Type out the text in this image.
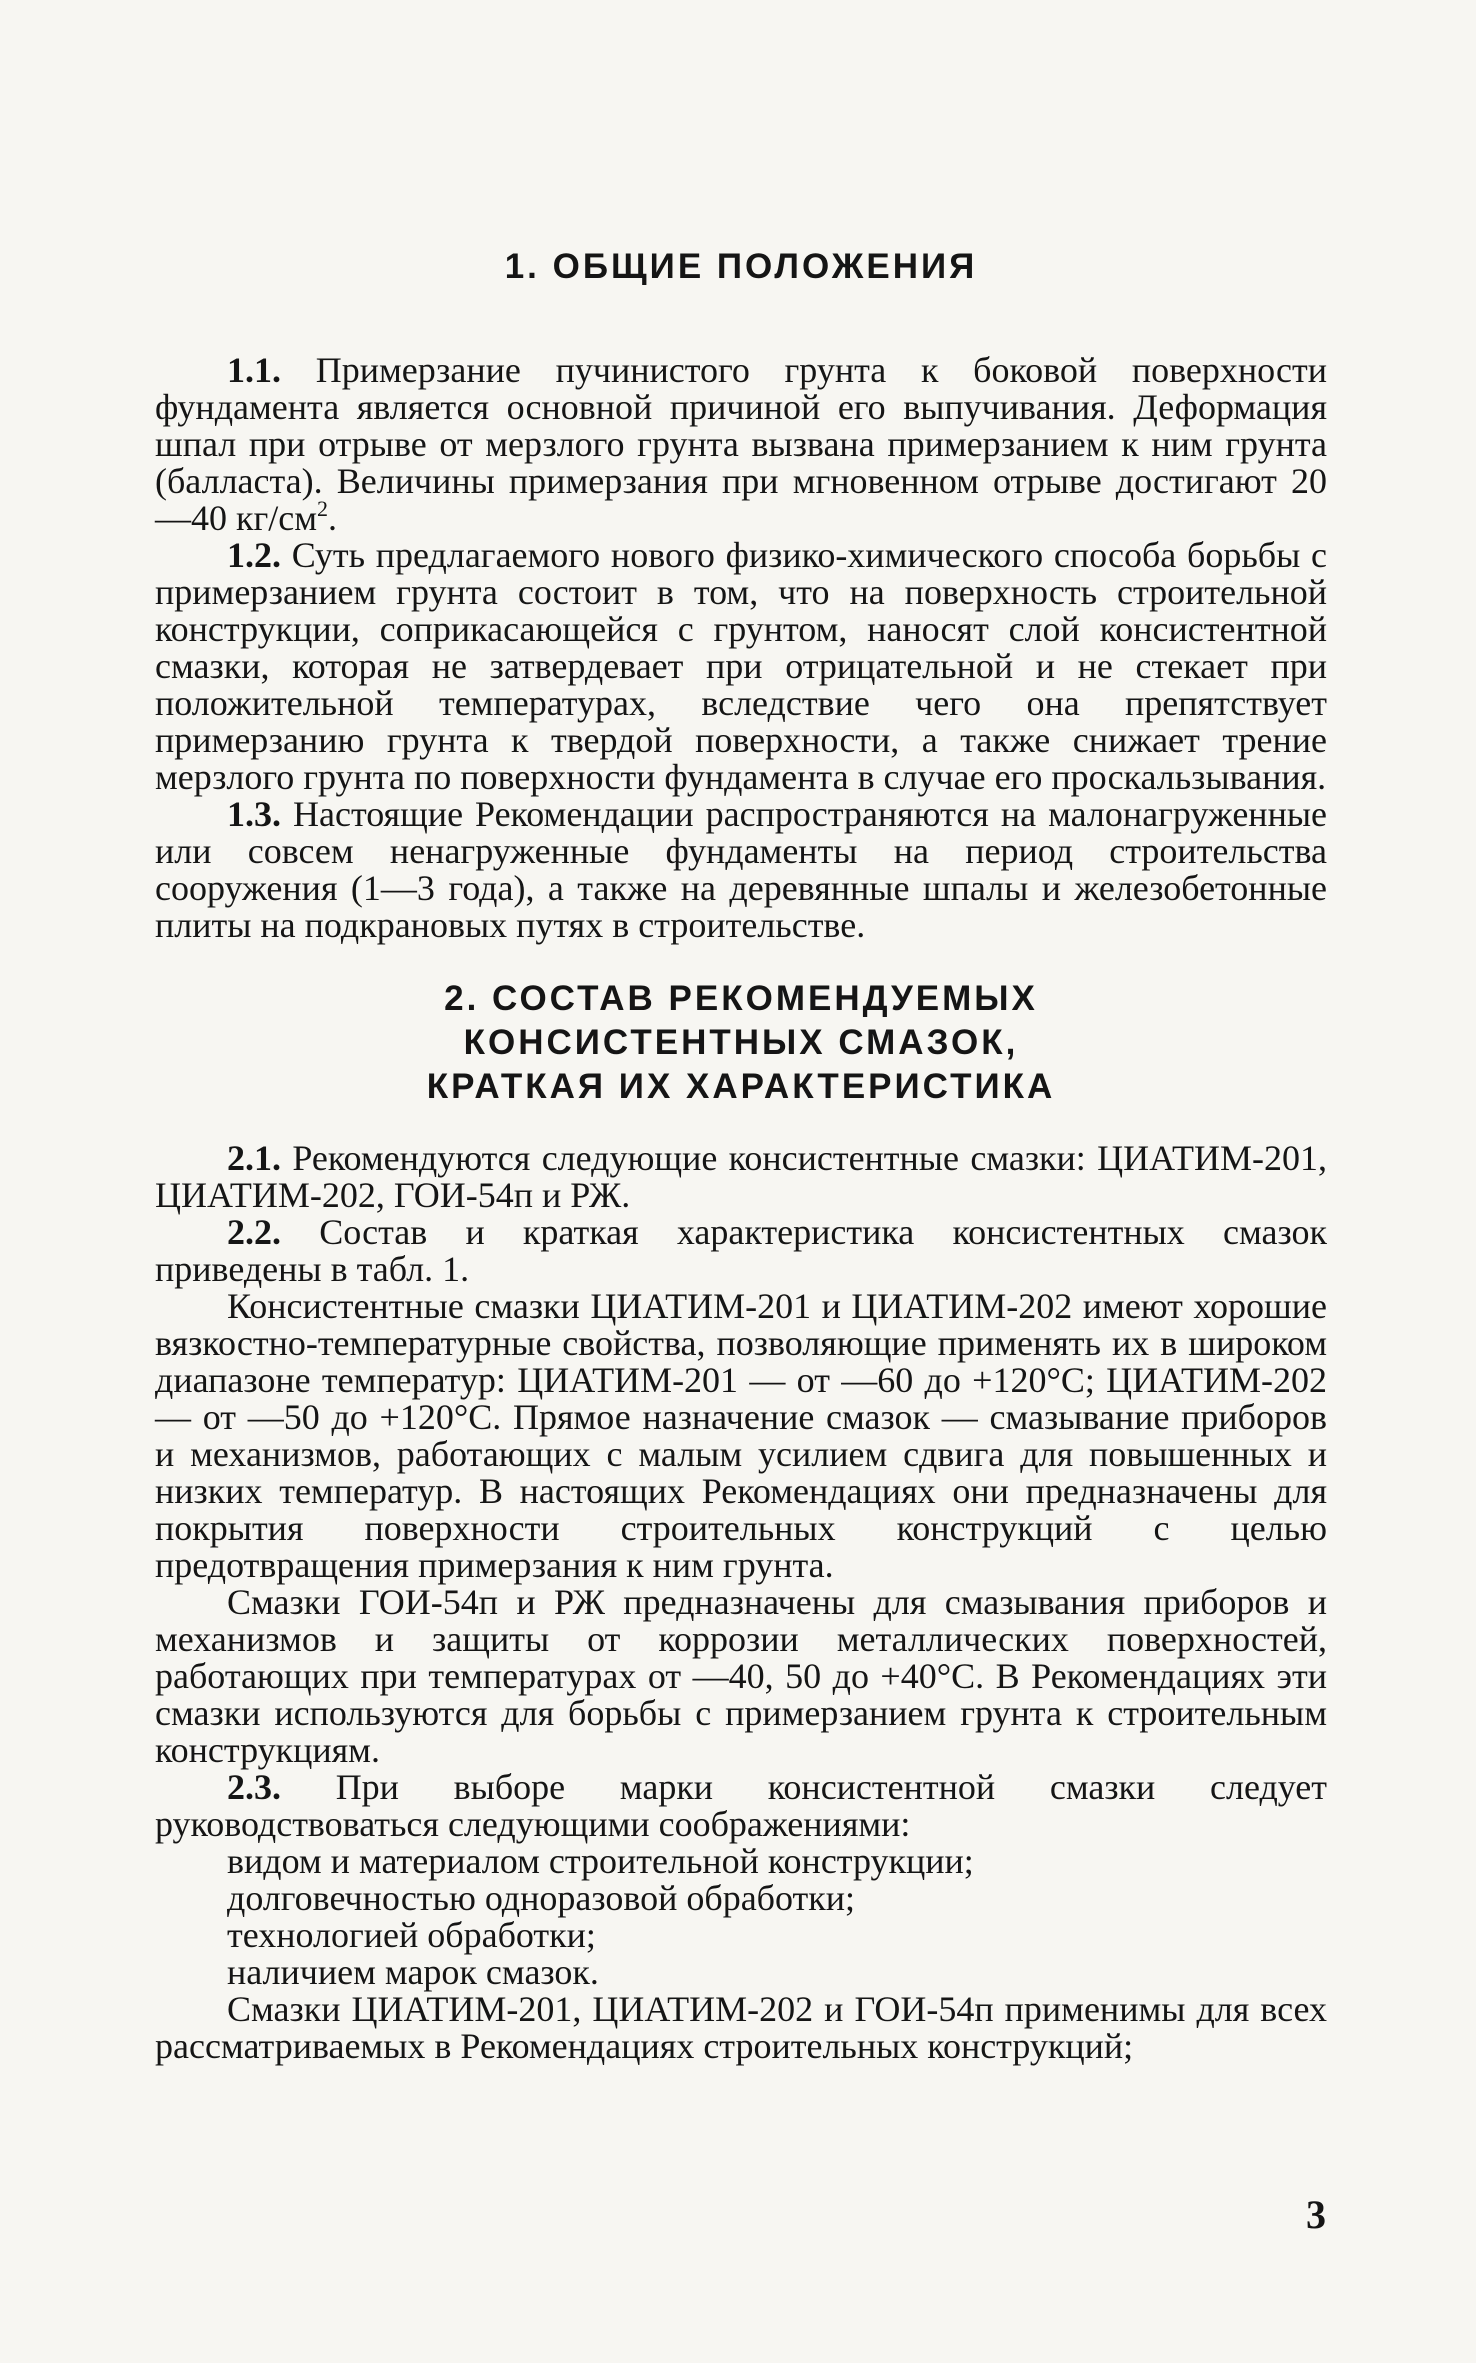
1. ОБЩИЕ ПОЛОЖЕНИЯ

1.1. Примерзание пучинистого грунта к боковой поверхности фундамента является основной причиной его выпучивания. Деформация шпал при отрыве от мерзлого грунта вызвана примерзанием к ним грунта (балласта). Величины примерзания при мгновенном отрыве достигают 20—40 $кг/см^2$.

1.2. Суть предлагаемого нового физико-химического способа борьбы с примерзанием грунта состоит в том, что на поверхность строительной конструкции, соприкасающейся с грунтом, наносят слой консистентной смазки, которая не затвердевает при отрицательной и не стекает при положительной температурах, вследствие чего она препятствует примерзанию грунта к твердой поверхности, а также снижает трение мерзлого грунта по поверхности фундамента в случае его проскальзывания.

1.3. Настоящие Рекомендации распространяются на малонагруженные или совсем ненагруженные фундаменты на период строительства сооружения (1—3 года), а также на деревянные шпалы и железобетонные плиты на подкрановых путях в строительстве.

2. СОСТАВ РЕКОМЕНДУЕМЫХ
КОНСИСТЕНТНЫХ СМАЗОК,
КРАТКАЯ ИХ ХАРАКТЕРИСТИКА

2.1. Рекомендуются следующие консистентные смазки: ЦИАТИМ-201, ЦИАТИМ-202, ГОИ-54п и РЖ.

2.2. Состав и краткая характеристика консистентных смазок приведены в табл. 1.

Консистентные смазки ЦИАТИМ-201 и ЦИАТИМ-202 имеют хорошие вязкостно-температурные свойства, позволяющие применять их в широком диапазоне температур: ЦИАТИМ-201 — от —60 до +120°С; ЦИАТИМ-202 — от —50 до +120°С. Прямое назначение смазок — смазывание приборов и механизмов, работающих с малым усилием сдвига для повышенных и низких температур. В настоящих Рекомендациях они предназначены для покрытия поверхности строительных конструкций с целью предотвращения примерзания к ним грунта.

Смазки ГОИ-54п и РЖ предназначены для смазывания приборов и механизмов и защиты от коррозии металлических поверхностей, работающих при температурах от —40, 50 до +40°С. В Рекомендациях эти смазки используются для борьбы с примерзанием грунта к строительным конструкциям.

2.3. При выборе марки консистентной смазки следует руководствоваться следующими соображениями:

видом и материалом строительной конструкции;

долговечностью одноразовой обработки;

технологией обработки;

наличием марок смазок.

Смазки ЦИАТИМ-201, ЦИАТИМ-202 и ГОИ-54п применимы для всех рассматриваемых в Рекомендациях строительных конструкций;

3
